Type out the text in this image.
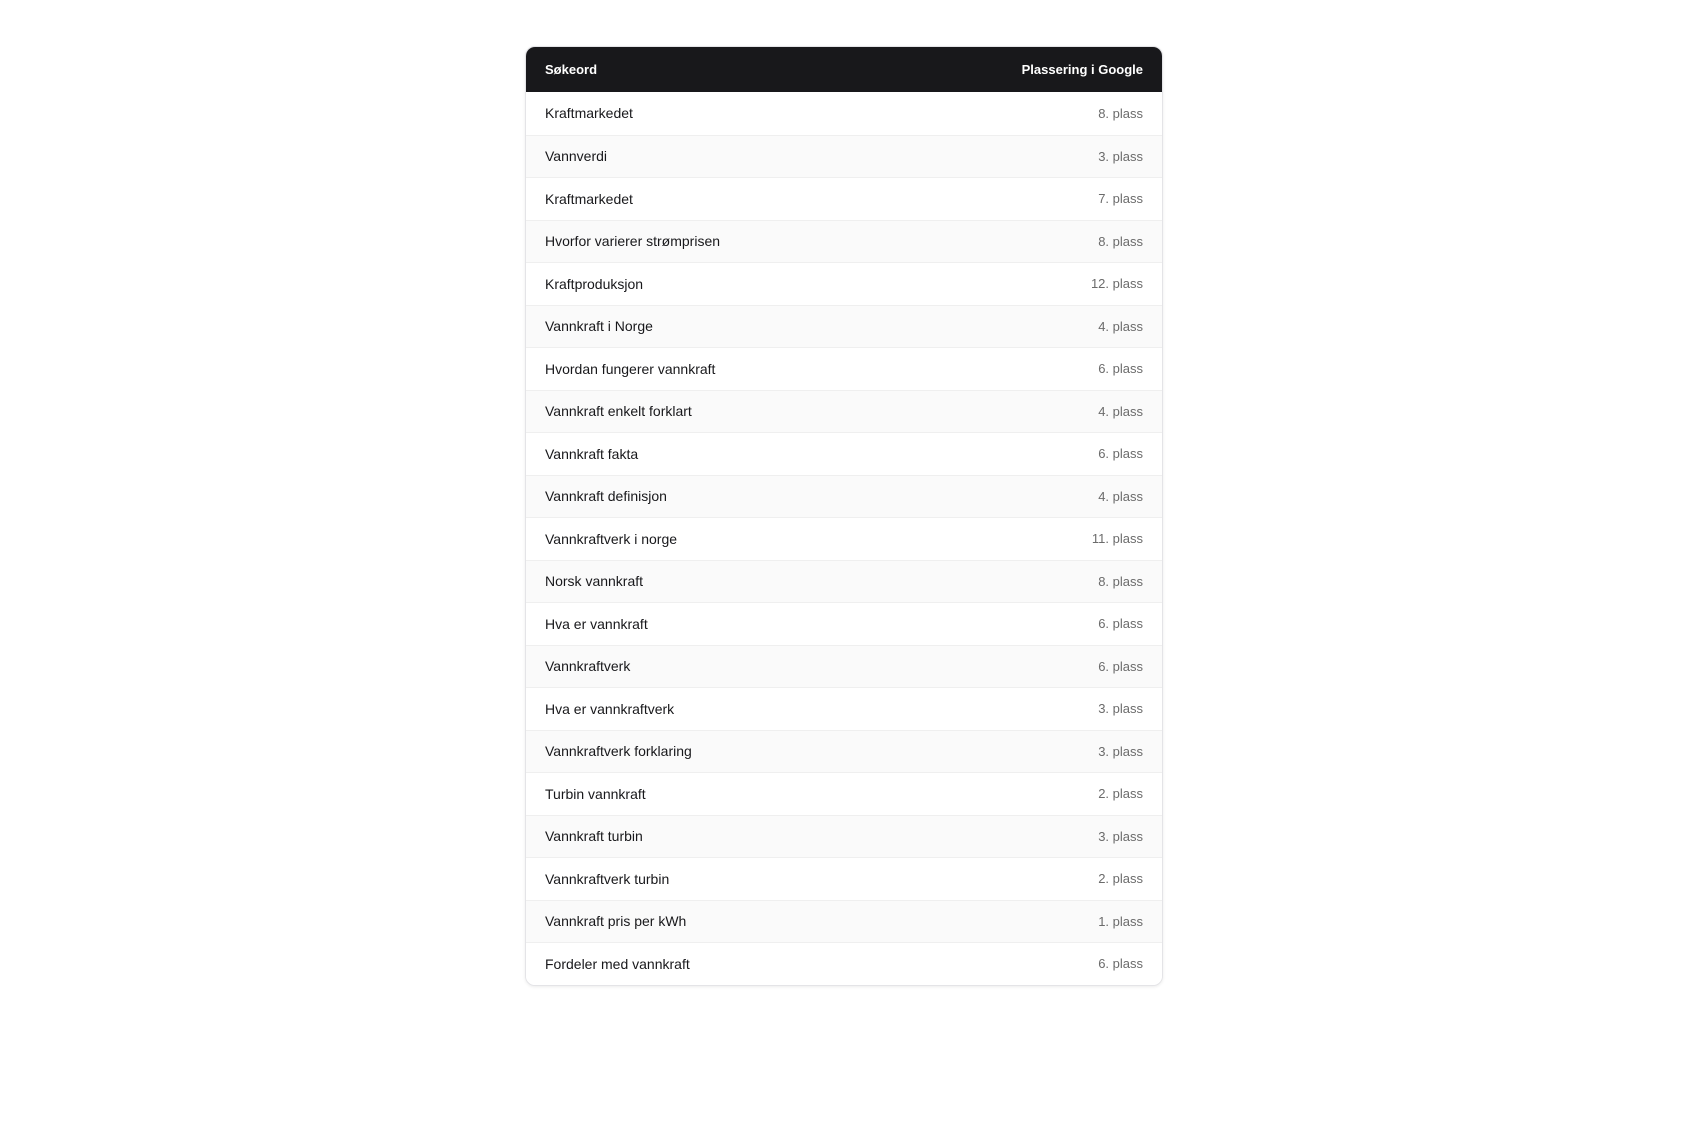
Søkeord	Plassering i Google
Kraftmarkedet	8. plass
Vannverdi	3. plass
Kraftmarkedet	7. plass
Hvorfor varierer strømprisen	8. plass
Kraftproduksjon	12. plass
Vannkraft i Norge	4. plass
Hvordan fungerer vannkraft	6. plass
Vannkraft enkelt forklart	4. plass
Vannkraft fakta	6. plass
Vannkraft definisjon	4. plass
Vannkraftverk i norge	11. plass
Norsk vannkraft	8. plass
Hva er vannkraft	6. plass
Vannkraftverk	6. plass
Hva er vannkraftverk	3. plass
Vannkraftverk forklaring	3. plass
Turbin vannkraft	2. plass
Vannkraft turbin	3. plass
Vannkraftverk turbin	2. plass
Vannkraft pris per kWh	1. plass
Fordeler med vannkraft	6. plass
